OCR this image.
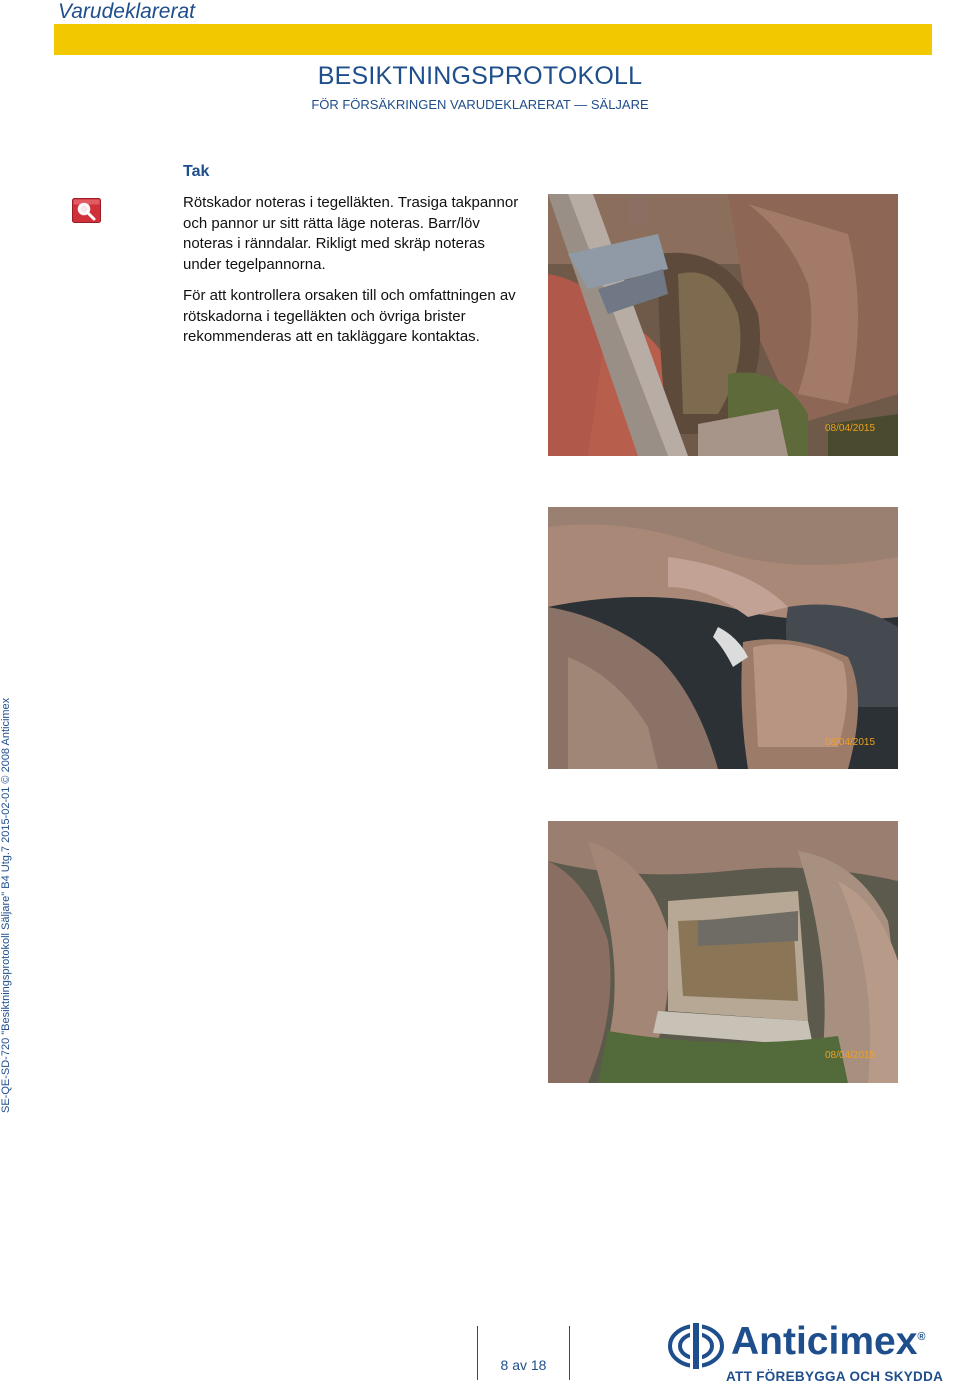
Varudeklarerat
BESIKTNINGSPROTOKOLL
FÖR FÖRSÄKRINGEN VARUDEKLARERAT — SÄLJARE
Tak

Rötskador noteras i tegelläkten. Trasiga takpannor och pannor ur sitt rätta läge noteras. Barr/löv noteras i ränndalar. Rikligt med skräp noteras under tegelpannorna.

För att kontrollera orsaken till och omfattningen av rötskadorna i tegelläkten och övriga brister rekommenderas att en takläggare kontaktas.

08/04/2015
08/04/2015
08/04/2015
SE-QE-SD-720 "Besiktningsprotokoll Säljare" B4 Utg.7 2015-02-01 © 2008 Anticimex
8 av 18
Anticimex®
ATT FÖREBYGGA OCH SKYDDA
